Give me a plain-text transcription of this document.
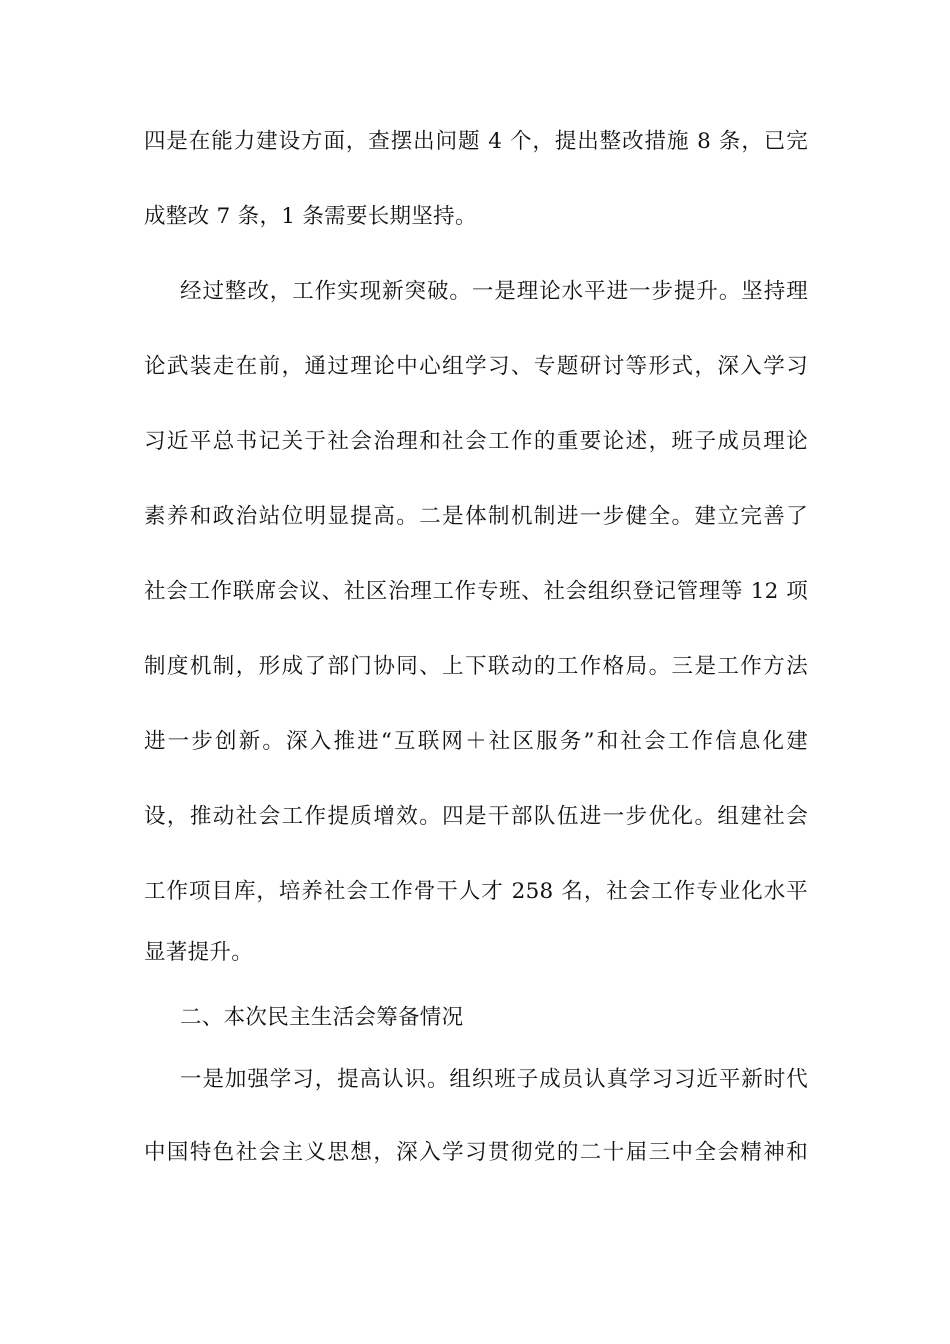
四是在能力建设方面，查摆出问题 4 个，提出整改措施 8 条，已完
成整改 7 条，1 条需要长期坚持。
经过整改，工作实现新突破。一是理论水平进一步提升。坚持理
论武装走在前，通过理论中心组学习、专题研讨等形式，深入学习
习近平总书记关于社会治理和社会工作的重要论述，班子成员理论
素养和政治站位明显提高。二是体制机制进一步健全。建立完善了
社会工作联席会议、社区治理工作专班、社会组织登记管理等 12 项
制度机制，形成了部门协同、上下联动的工作格局。三是工作方法
进一步创新。深入推进“互联网＋社区服务”和社会工作信息化建
设，推动社会工作提质增效。四是干部队伍进一步优化。组建社会
工作项目库，培养社会工作骨干人才 258 名，社会工作专业化水平
显著提升。
二、本次民主生活会筹备情况
一是加强学习，提高认识。组织班子成员认真学习习近平新时代
中国特色社会主义思想，深入学习贯彻党的二十届三中全会精神和
